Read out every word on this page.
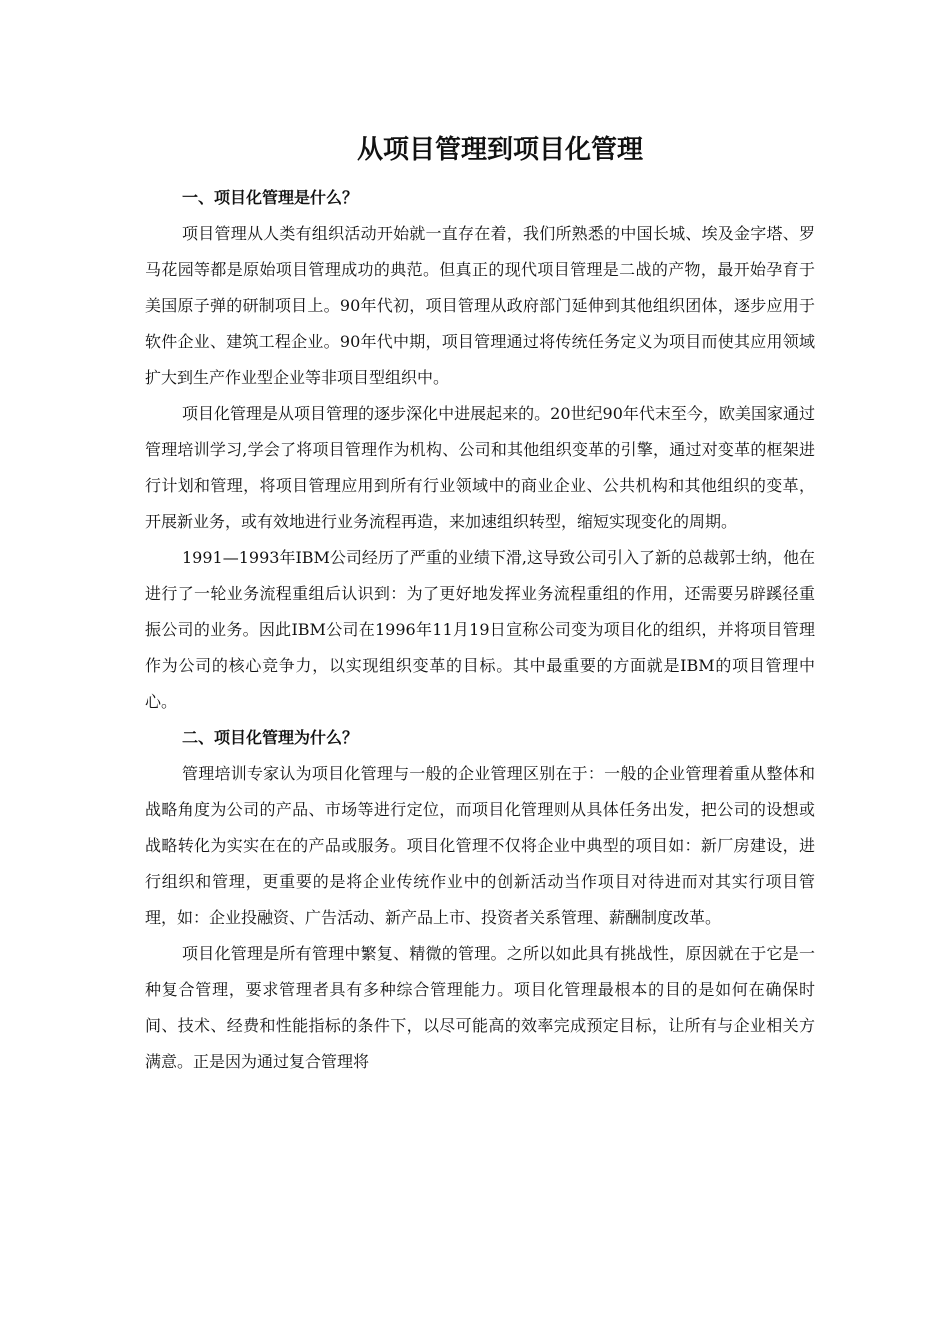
从项目管理到项目化管理
一、项目化管理是什么？

项目管理从人类有组织活动开始就一直存在着，我们所熟悉的中国长城、埃及金字塔、罗马花园等都是原始项目管理成功的典范。但真正的现代项目管理是二战的产物，最开始孕育于美国原子弹的研制项目上。90年代初，项目管理从政府部门延伸到其他组织团体，逐步应用于软件企业、建筑工程企业。90年代中期，项目管理通过将传统任务定义为项目而使其应用领域扩大到生产作业型企业等非项目型组织中。

项目化管理是从项目管理的逐步深化中进展起来的。20世纪90年代末至今，欧美国家通过管理培训学习,学会了将项目管理作为机构、公司和其他组织变革的引擎，通过对变革的框架进行计划和管理，将项目管理应用到所有行业领域中的商业企业、公共机构和其他组织的变革，开展新业务，或有效地进行业务流程再造，来加速组织转型，缩短实现变化的周期。

1991—1993年IBM公司经历了严重的业绩下滑,这导致公司引入了新的总裁郭士纳，他在进行了一轮业务流程重组后认识到：为了更好地发挥业务流程重组的作用，还需要另辟蹊径重振公司的业务。因此IBM公司在1996年11月19日宣称公司变为项目化的组织，并将项目管理作为公司的核心竞争力，以实现组织变革的目标。其中最重要的方面就是IBM的项目管理中心。

二、项目化管理为什么？

管理培训专家认为项目化管理与一般的企业管理区别在于：一般的企业管理着重从整体和战略角度为公司的产品、市场等进行定位，而项目化管理则从具体任务出发，把公司的设想或战略转化为实实在在的产品或服务。项目化管理不仅将企业中典型的项目如：新厂房建设，进行组织和管理，更重要的是将企业传统作业中的创新活动当作项目对待进而对其实行项目管理，如：企业投融资、广告活动、新产品上市、投资者关系管理、薪酬制度改革。

项目化管理是所有管理中繁复、精微的管理。之所以如此具有挑战性，原因就在于它是一种复合管理，要求管理者具有多种综合管理能力。项目化管理最根本的目的是如何在确保时间、技术、经费和性能指标的条件下，以尽可能高的效率完成预定目标，让所有与企业相关方满意。正是因为通过复合管理将
